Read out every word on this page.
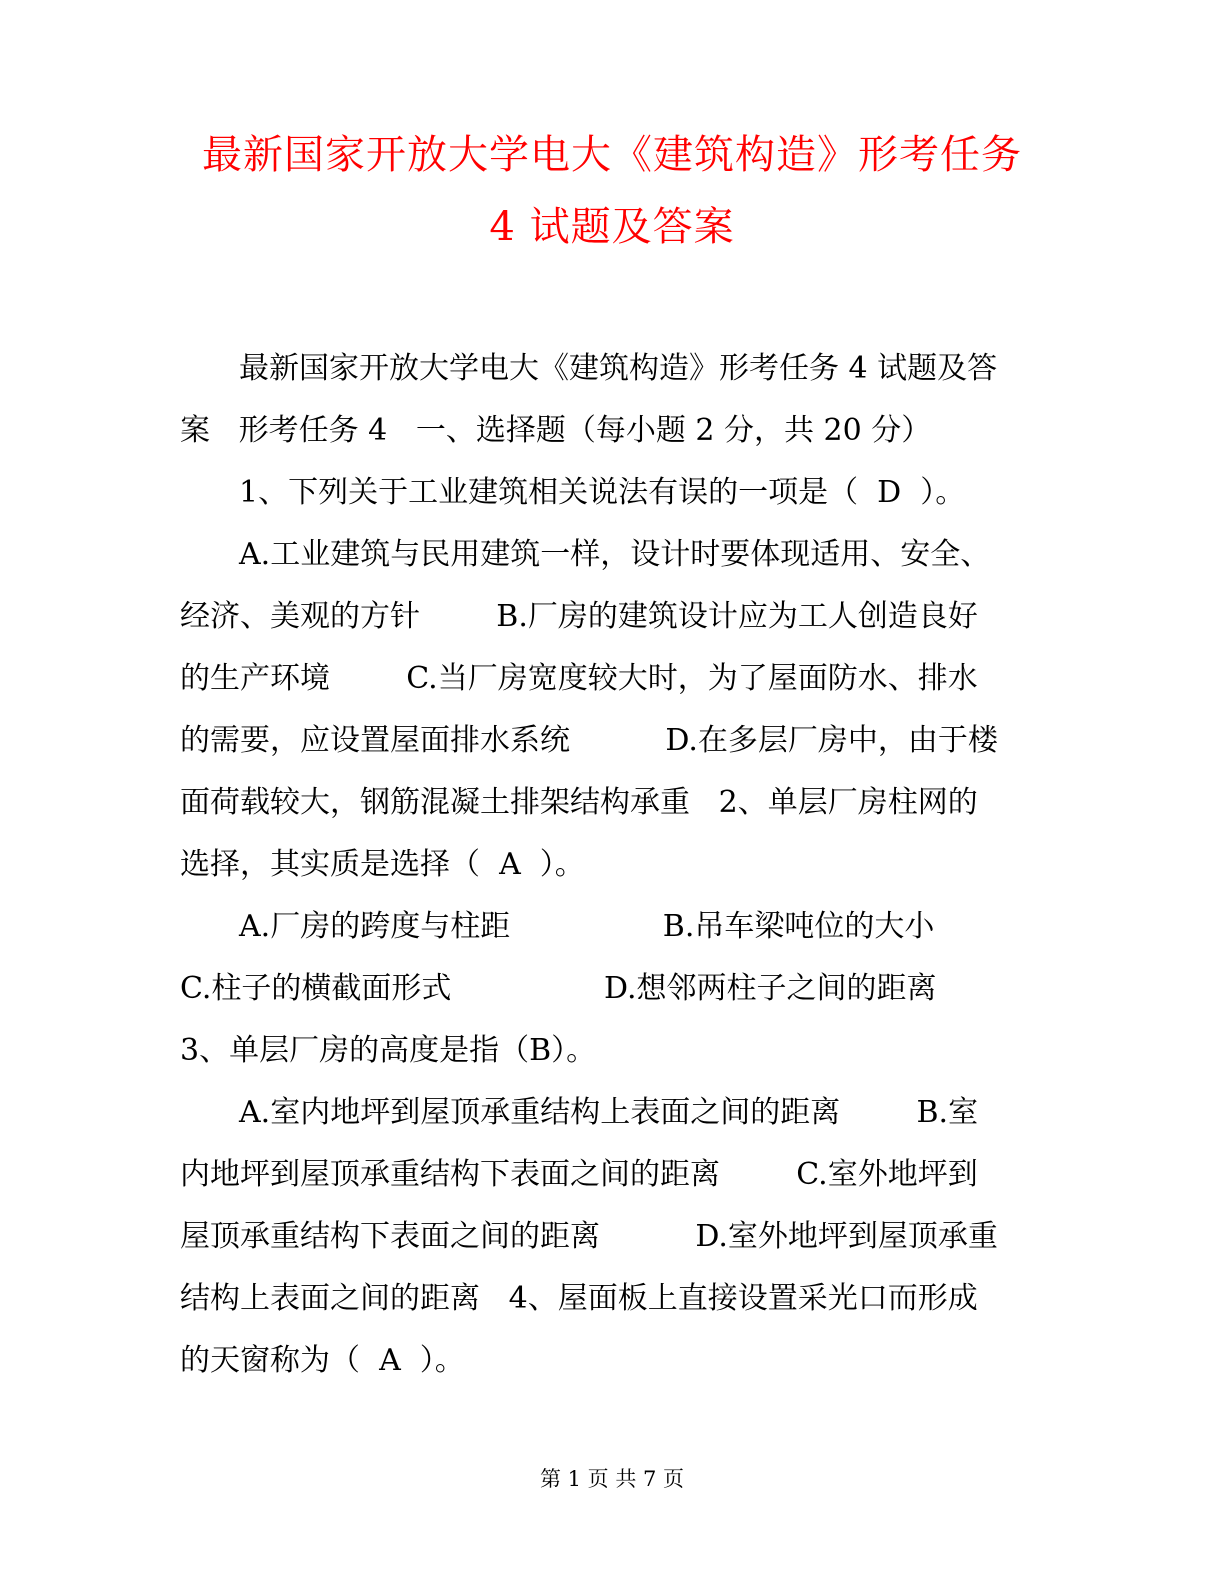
最新国家开放大学电大《建筑构造》形考任务
4 试题及答案
最新国家开放大学电大《建筑构造》形考任务 4 试题及答
案   形考任务 4   一、选择题（每小题 2 分，共 20 分）
1、下列关于工业建筑相关说法有误的一项是（  D  ）。
A.工业建筑与民用建筑一样，设计时要体现适用、安全、
经济、美观的方针        B.厂房的建筑设计应为工人创造良好
的生产环境        C.当厂房宽度较大时，为了屋面防水、排水
的需要，应设置屋面排水系统          D.在多层厂房中，由于楼
面荷载较大，钢筋混凝土排架结构承重   2、单层厂房柱网的
选择，其实质是选择（  A  ）。
A.厂房的跨度与柱距                B.吊车梁吨位的大小
C.柱子的横截面形式                D.想邻两柱子之间的距离
3、单层厂房的高度是指（B）。
A.室内地坪到屋顶承重结构上表面之间的距离        B.室
内地坪到屋顶承重结构下表面之间的距离        C.室外地坪到
屋顶承重结构下表面之间的距离          D.室外地坪到屋顶承重
结构上表面之间的距离   4、屋面板上直接设置采光口而形成
的天窗称为（  A  ）。
第 1 页 共 7 页
